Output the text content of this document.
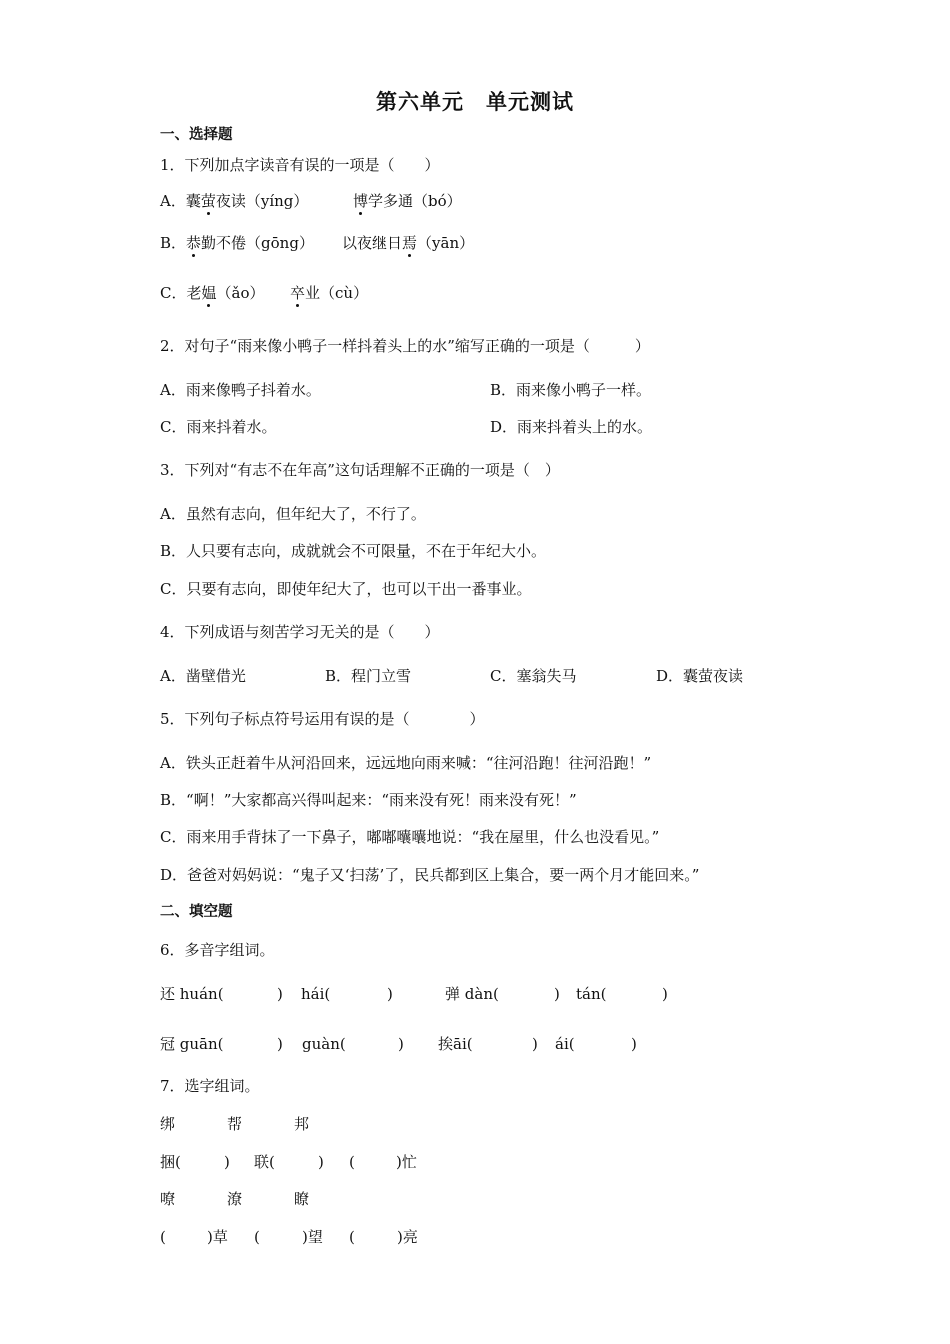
第六单元　单元测试
一、选择题
1．下列加点字读音有误的一项是（　　）
A．囊萤夜读（yíng）	博学多通（bó）
B．恭勤不倦（gōng） 以夜继日焉（yān）
C．老媪（ǎo） 卒业（cù）
2．对句子“雨来像小鸭子一样抖着头上的水”缩写正确的一项是（　　　）
A．雨来像鸭子抖着水。	B．雨来像小鸭子一样。
C．雨来抖着水。	D．雨来抖着头上的水。
3．下列对“有志不在年高”这句话理解不正确的一项是（　）
A．虽然有志向，但年纪大了，不行了。
B．人只要有志向，成就就会不可限量，不在于年纪大小。
C．只要有志向，即使年纪大了，也可以干出一番事业。
4．下列成语与刻苦学习无关的是（　　）
A．凿壁借光	B．程门立雪	C．塞翁失马	D．囊萤夜读
5．下列句子标点符号运用有误的是（　　　　）
A．铁头正赶着牛从河沿回来，远远地向雨来喊：“往河沿跑！往河沿跑！”
B．“啊！”大家都高兴得叫起来：“雨来没有死！雨来没有死！”
C．雨来用手背抹了一下鼻子，嘟嘟囔囔地说：“我在屋里，什么也没看见。”
D．爸爸对妈妈说：“鬼子又‘扫荡’了，民兵都到区上集合，要一两个月才能回来。”
二、填空题
6．多音字组词。
还 huán(	) hái(	)	弹 dàn(	) tán(	)
冠 guān(	) guàn(	) 挨āi(	) ái(	)
7．选字组词。
绑	帮	邦
捆(	) 联(	) (	)忙
嘹	潦	瞭
(	)草 (	)望 (	)亮
